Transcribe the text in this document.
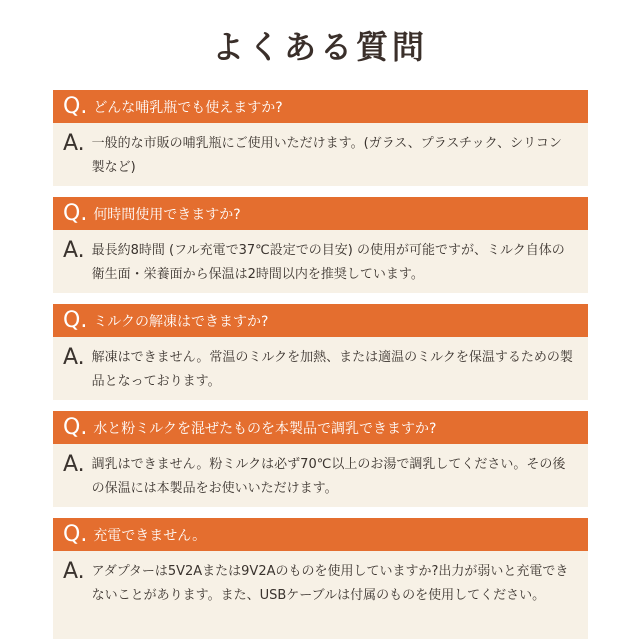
よくある質問
Q. どんな哺乳瓶でも使えますか?
A. 一般的な市販の哺乳瓶にご使用いただけます。(ガラス、プラスチック、シリコン製など)
Q. 何時間使用できますか?
A. 最長約8時間 (フル充電で37℃設定での目安) の使用が可能ですが、ミルク自体の衛生面・栄養面から保温は2時間以内を推奨しています。
Q. ミルクの解凍はできますか?
A. 解凍はできません。常温のミルクを加熱、または適温のミルクを保温するための製品となっております。
Q. 水と粉ミルクを混ぜたものを本製品で調乳できますか?
A. 調乳はできません。粉ミルクは必ず70℃以上のお湯で調乳してください。その後の保温には本製品をお使いいただけます。
Q. 充電できません。
A. アダプターは5V2Aまたは9V2Aのものを使用していますか?出力が弱いと充電できないことがあります。また、USBケーブルは付属のものを使用してください。
